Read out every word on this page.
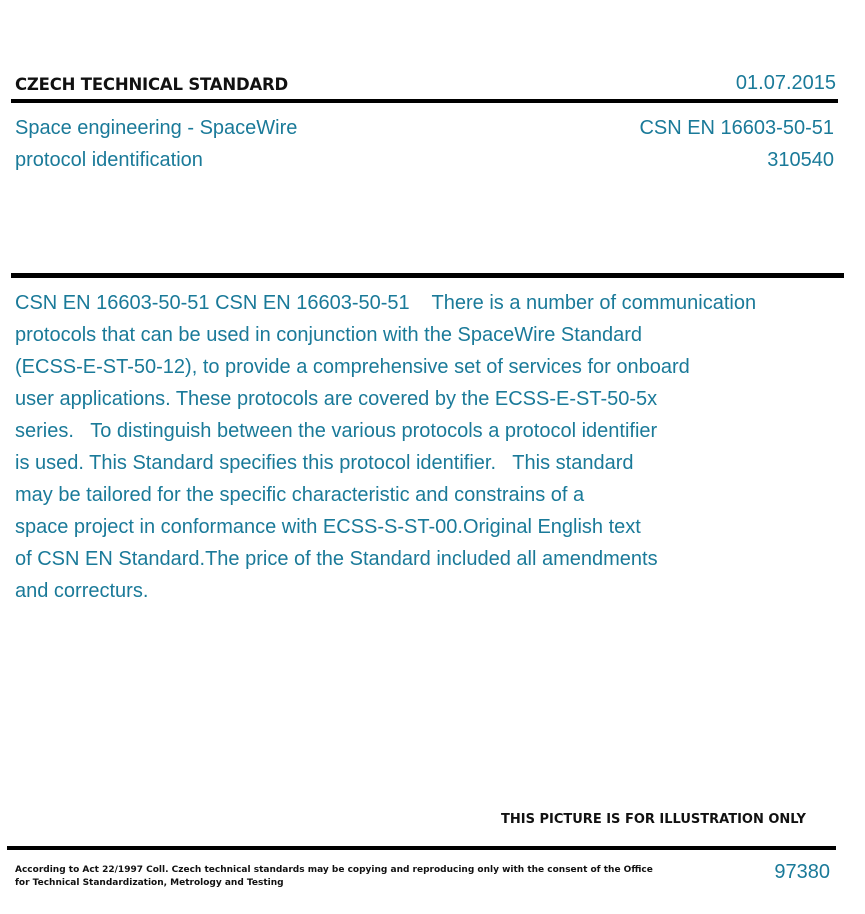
CZECH TECHNICAL STANDARD	01.07.2015
Space engineering - SpaceWire
protocol identification
CSN EN 16603-50-51
310540
CSN EN 16603-50-51 CSN EN 16603-50-51    There is a number of communication
protocols that can be used in conjunction with the SpaceWire Standard
(ECSS-E-ST-50-12), to provide a comprehensive set of services for onboard
user applications. These protocols are covered by the ECSS-E-ST-50-5x
series.   To distinguish between the various protocols a protocol identifier
is used. This Standard specifies this protocol identifier.   This standard
may be tailored for the specific characteristic and constrains of a
space project in conformance with ECSS-S-ST-00.Original English text
of CSN EN Standard.The price of the Standard included all amendments
and correcturs.
THIS PICTURE IS FOR ILLUSTRATION ONLY
According to Act 22/1997 Coll. Czech technical standards may be copying and reproducing only with the consent of the Office
for Technical Standardization, Metrology and Testing	97380
